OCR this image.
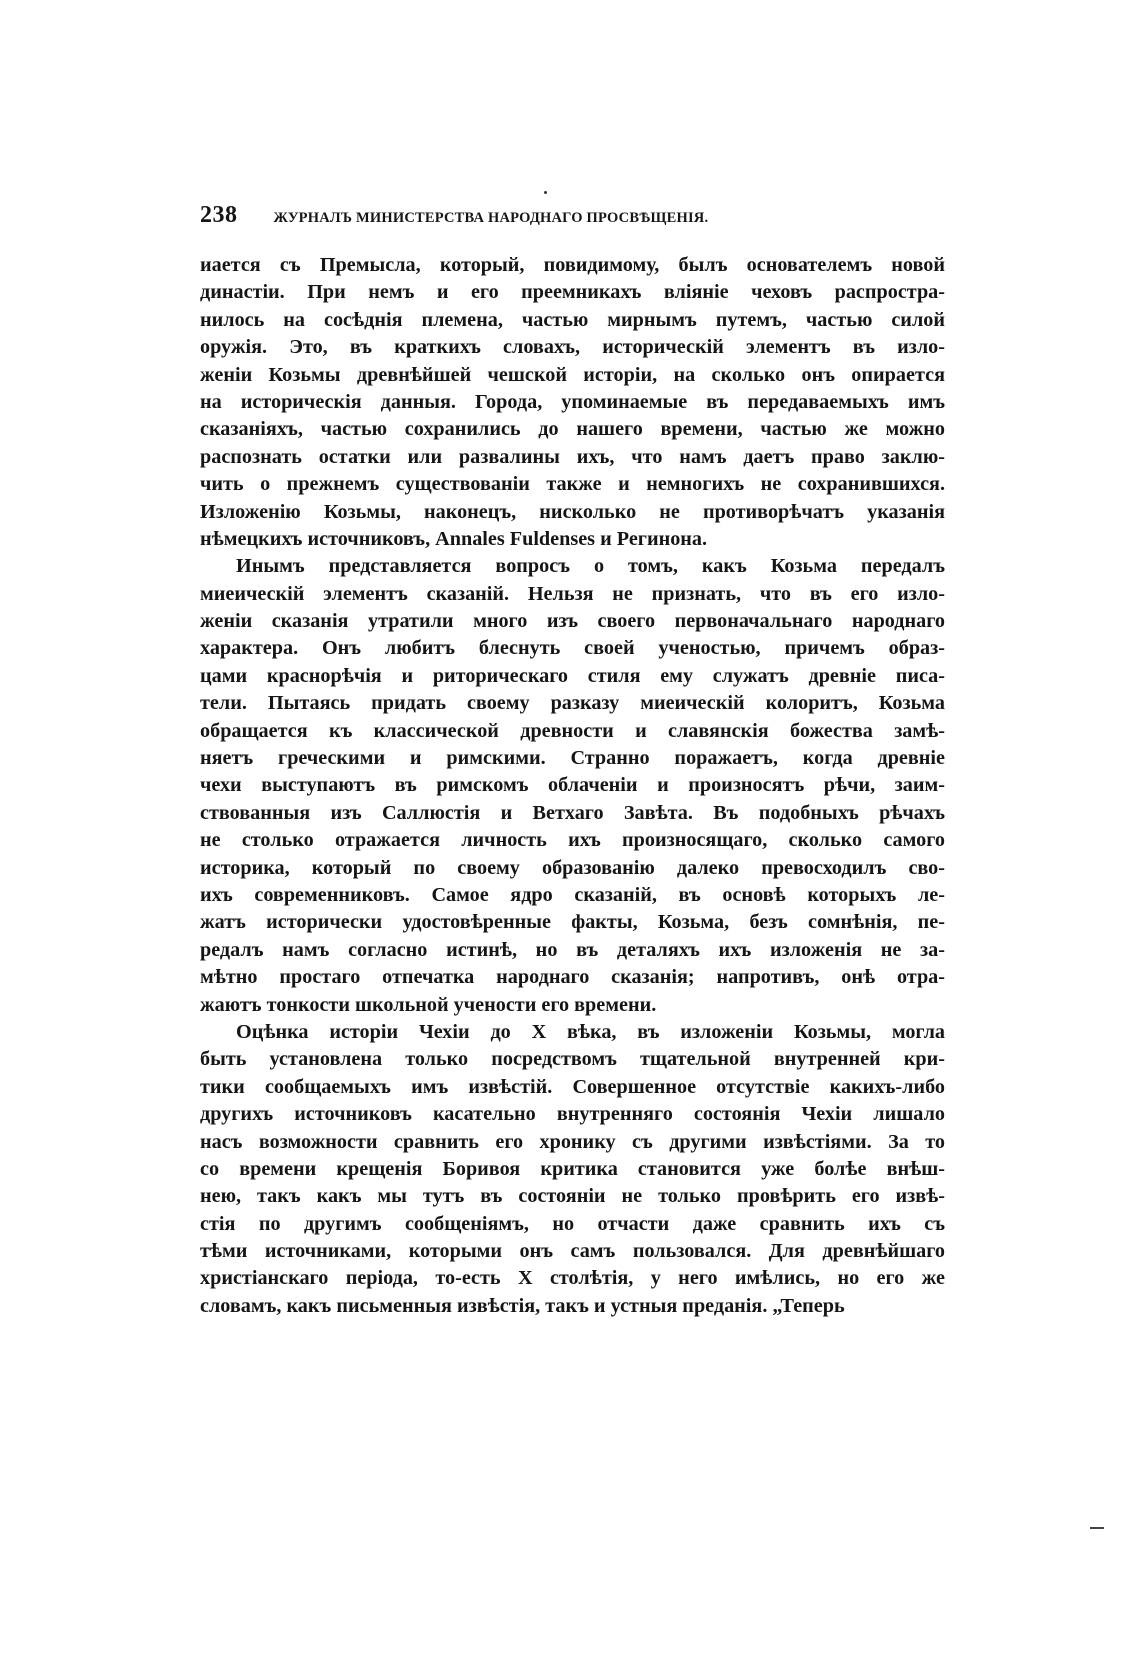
238 ЖУРНАЛЪ МИНИСТЕРСТВА НАРОДНАГО ПРОСВѢЩЕНІЯ.
иается съ Премысла, который, повидимому, былъ основателемъ новой
династіи. При немъ и его преемникахъ вліяніе чеховъ распростра-
нилось на сосѣднія племена, частью мирнымъ путемъ, частью силой
оружія. Это, въ краткихъ словахъ, историческій элементъ въ изло-
женіи Козьмы древнѣйшей чешской исторіи, на сколько онъ опирается
на историческія данныя. Города, упоминаемые въ передаваемыхъ имъ
сказаніяхъ, частью сохранились до нашего времени, частью же можно
распознать остатки или развалины ихъ, что намъ даетъ право заклю-
чить о прежнемъ существованіи также и немногихъ не сохранившихся.
Изложенію Козьмы, наконецъ, нисколько не противорѣчатъ указанія
нѣмецкихъ источниковъ, Annales Fuldenses и Регинона.
Инымъ представляется вопросъ о томъ, какъ Козьма передалъ
миеическій элементъ сказаній. Нельзя не признать, что въ его изло-
женіи сказанія утратили много изъ своего первоначальнаго народнаго
характера. Онъ любитъ блеснуть своей ученостью, причемъ образ-
цами краснорѣчія и риторическаго стиля ему служатъ древніе писа-
тели. Пытаясь придать своему разказу миеическій колоритъ, Козьма
обращается къ классической древности и славянскія божества замѣ-
няетъ греческими и римскими. Странно поражаетъ, когда древніе
чехи выступаютъ въ римскомъ облаченіи и произносятъ рѣчи, заим-
ствованныя изъ Саллюстія и Ветхаго Завѣта. Въ подобныхъ рѣчахъ
не столько отражается личность ихъ произносящаго, сколько самого
историка, который по своему образованію далеко превосходилъ сво-
ихъ современниковъ. Самое ядро сказаній, въ основѣ которыхъ ле-
жатъ исторически удостовѣренные факты, Козьма, безъ сомнѣнія, пе-
редалъ намъ согласно истинѣ, но въ деталяхъ ихъ изложенія не за-
мѣтно простаго отпечатка народнаго сказанія; напротивъ, онѣ отра-
жаютъ тонкости школьной учености его времени.
Оцѣнка исторіи Чехіи до X вѣка, въ изложеніи Козьмы, могла
быть установлена только посредствомъ тщательной внутренней кри-
тики сообщаемыхъ имъ извѣстій. Совершенное отсутствіе какихъ-либо
другихъ источниковъ касательно внутренняго состоянія Чехіи лишало
насъ возможности сравнить его хронику съ другими извѣстіями. За то
со времени крещенія Боривоя критика становится уже болѣе внѣш-
нею, такъ какъ мы тутъ въ состояніи не только провѣрить его извѣ-
стія по другимъ сообщеніямъ, но отчасти даже сравнить ихъ съ
тѣми источниками, которыми онъ самъ пользовался. Для древнѣйшаго
христіанскаго періода, то-есть X столѣтія, у него имѣлись, но его же
словамъ, какъ письменныя извѣстія, такъ и устныя преданія. „Теперь
